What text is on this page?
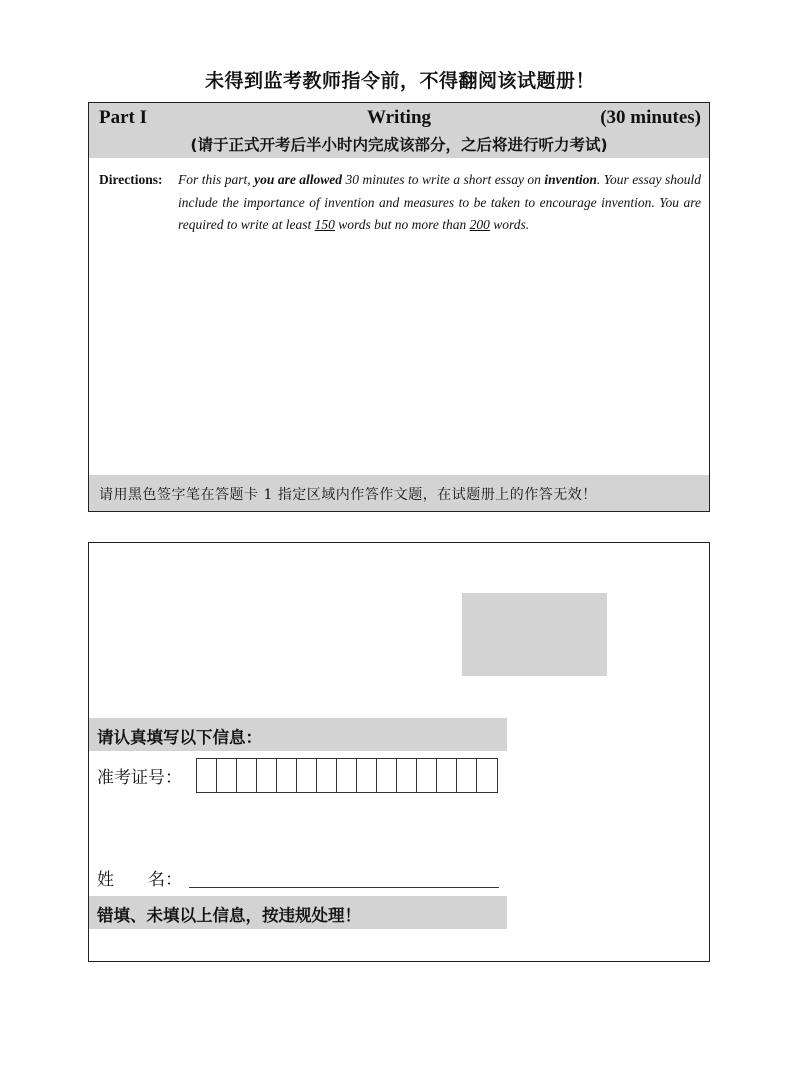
未得到监考教师指令前，不得翻阅该试题册！
Part I	Writing	(30 minutes)
(请于正式开考后半小时内完成该部分，之后将进行听力考试)
Directions: For this part, you are allowed 30 minutes to write a short essay on invention. Your essay should include the importance of invention and measures to be taken to encourage invention. You are required to write at least 150 words but no more than 200 words.
请用黑色签字笔在答题卡 1 指定区域内作答作文题，在试题册上的作答无效！
请认真填写以下信息：
准考证号：
姓　　名：
错填、未填以上信息，按违规处理！
